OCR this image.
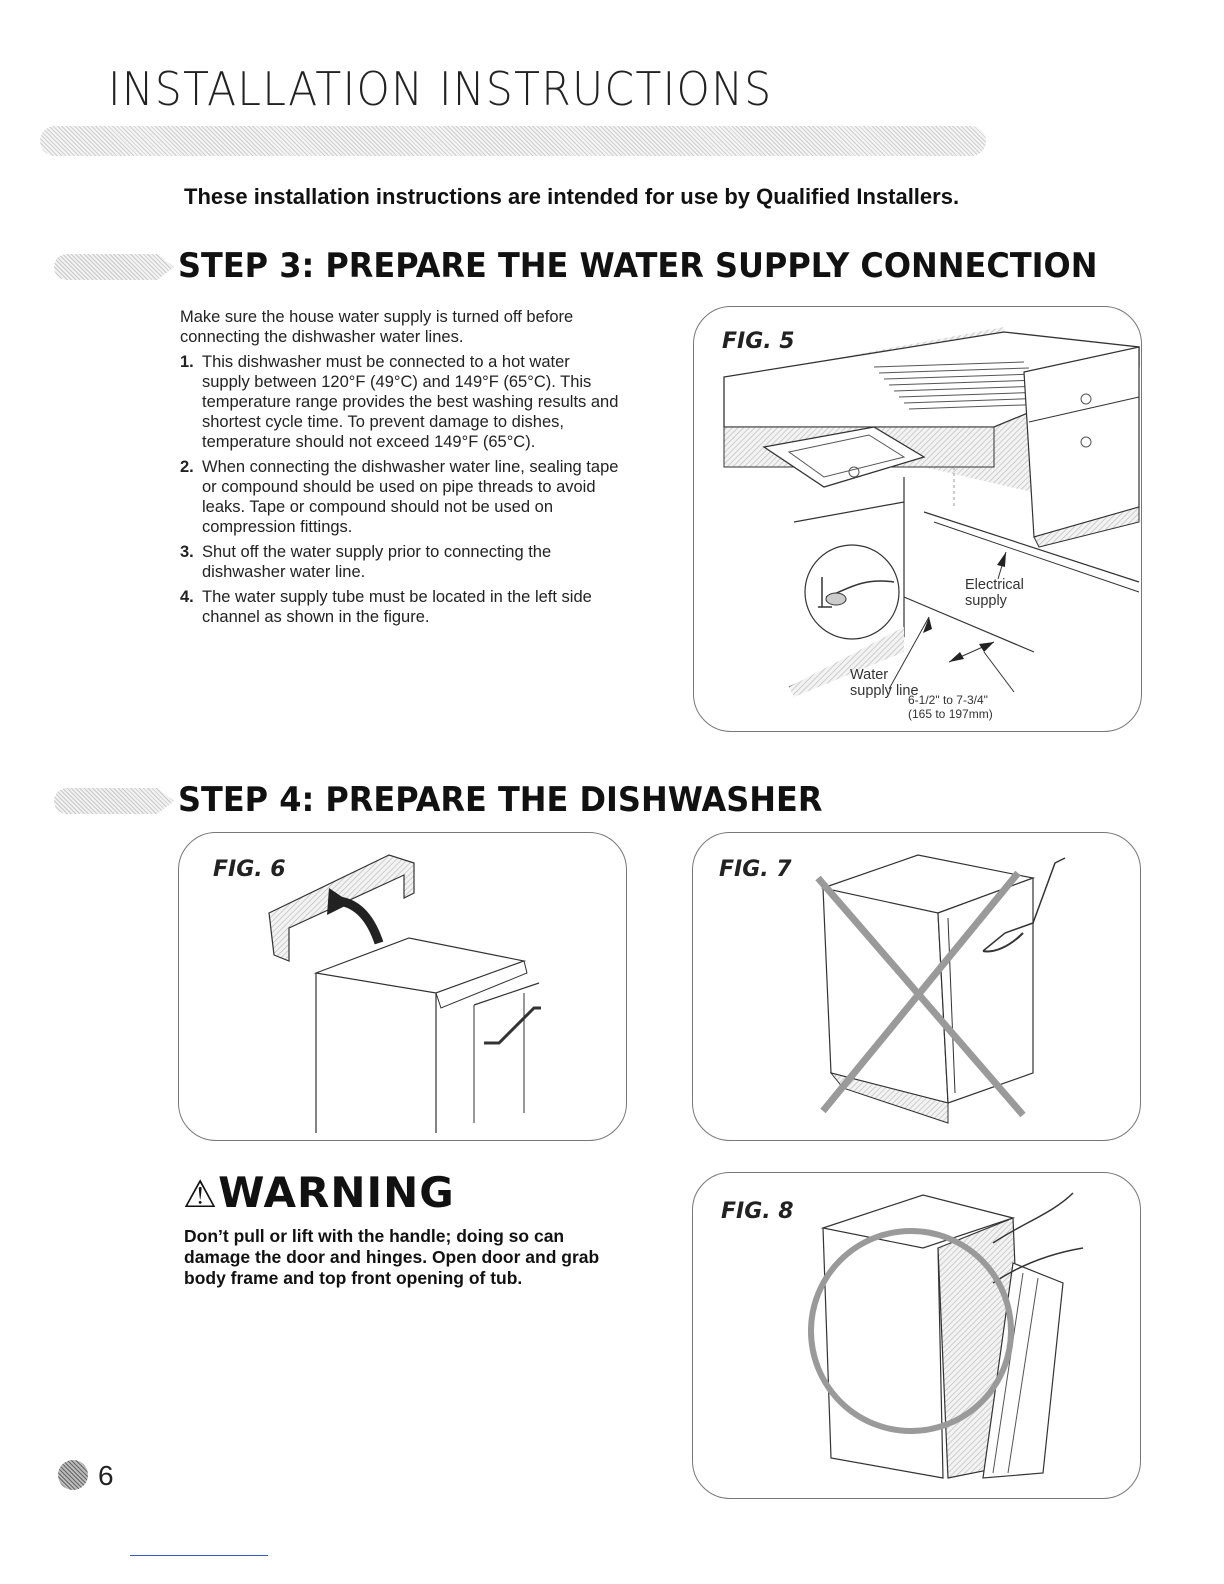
INSTALLATION INSTRUCTIONS
These installation instructions are intended for use by Qualified Installers.
STEP 3: PREPARE THE WATER SUPPLY CONNECTION
Make sure the house water supply is turned off before connecting the dishwasher water lines.
1. This dishwasher must be connected to a hot water supply between 120°F (49°C) and 149°F (65°C). This temperature range provides the best washing results and shortest cycle time. To prevent damage to dishes, temperature should not exceed 149°F (65°C).
2. When connecting the dishwasher water line, sealing tape or compound should be used on pipe threads to avoid leaks. Tape or compound should not be used on compression fittings.
3. Shut off the water supply prior to connecting the dishwasher water line.
4. The water supply tube must be located in the left side channel as shown in the figure.
FIG. 5
Electrical
supply
Water
supply line
6-1/2" to 7-3/4"
(165 to 197mm)
STEP 4: PREPARE THE DISHWASHER
FIG. 6	FIG. 7
⚠WARNING
Don’t pull or lift with the handle; doing so can damage the door and hinges. Open door and grab body frame and top front opening of tub.
FIG. 8
6
